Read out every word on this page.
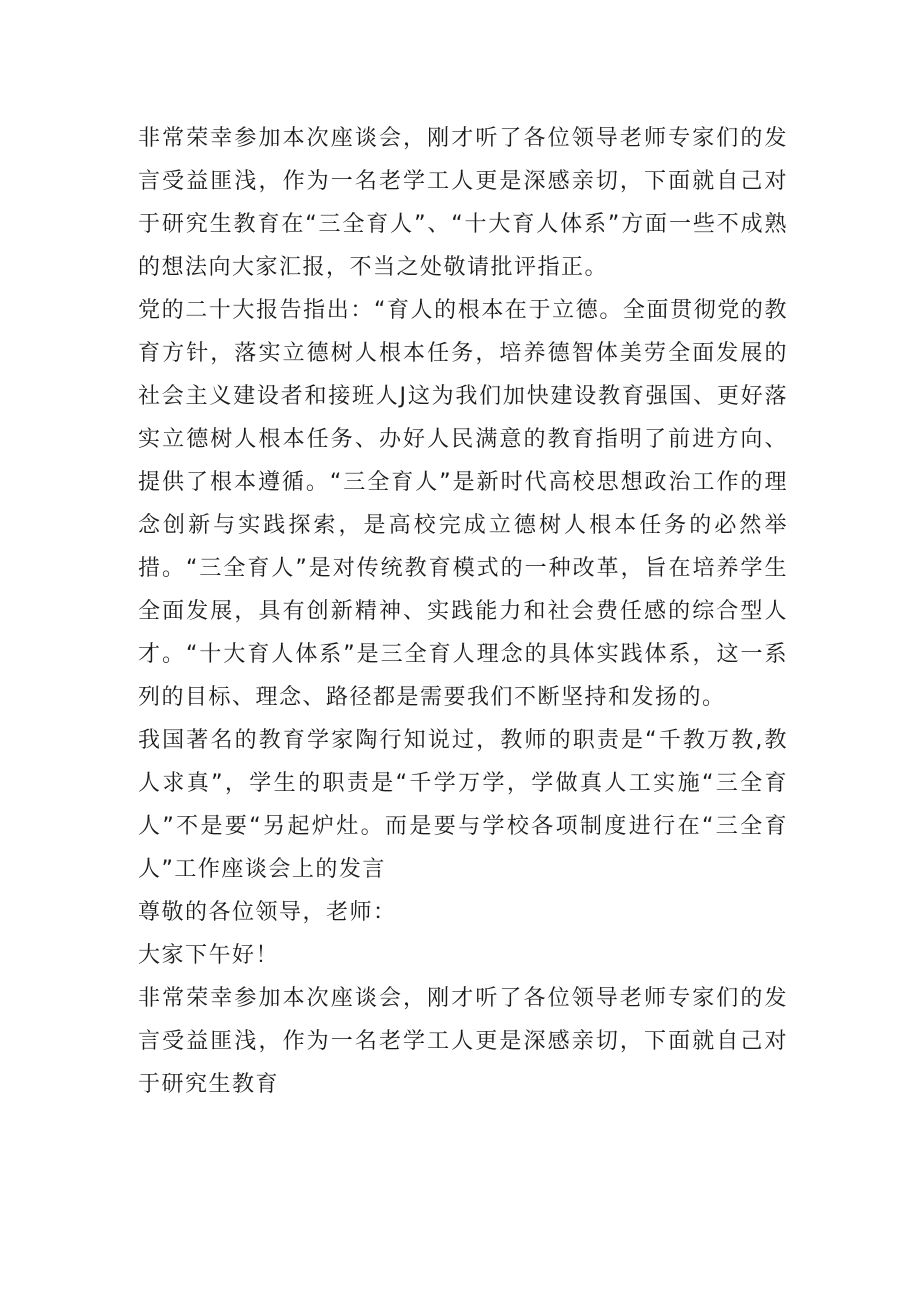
非常荣幸参加本次座谈会，刚才听了各位领导老师专家们的发言受益匪浅，作为一名老学工人更是深感亲切，下面就自己对于研究生教育在“三全育人”、“十大育人体系”方面一些不成熟的想法向大家汇报，不当之处敬请批评指正。

党的二十大报告指出：“育人的根本在于立德。全面贯彻党的教育方针，落实立德树人根本任务，培养德智体美劳全面发展的社会主义建设者和接班人J这为我们加快建设教育强国、更好落实立德树人根本任务、办好人民满意的教育指明了前进方向、提供了根本遵循。“三全育人”是新时代高校思想政治工作的理念创新与实践探索，是高校完成立德树人根本任务的必然举措。“三全育人”是对传统教育模式的一种改革，旨在培养学生全面发展，具有创新精神、实践能力和社会费任感的综合型人才。“十大育人体系”是三全育人理念的具体实践体系，这一系列的目标、理念、路径都是需要我们不断坚持和发扬的。

我国著名的教育学家陶行知说过，教师的职责是“千教万教,教人求真”，学生的职责是“千学万学，学做真人工实施“三全育人”不是要“另起炉灶。而是要与学校各项制度进行在“三全育人”工作座谈会上的发言

尊敬的各位领导，老师：

大家下午好！

非常荣幸参加本次座谈会，刚才听了各位领导老师专家们的发言受益匪浅，作为一名老学工人更是深感亲切，下面就自己对于研究生教育
